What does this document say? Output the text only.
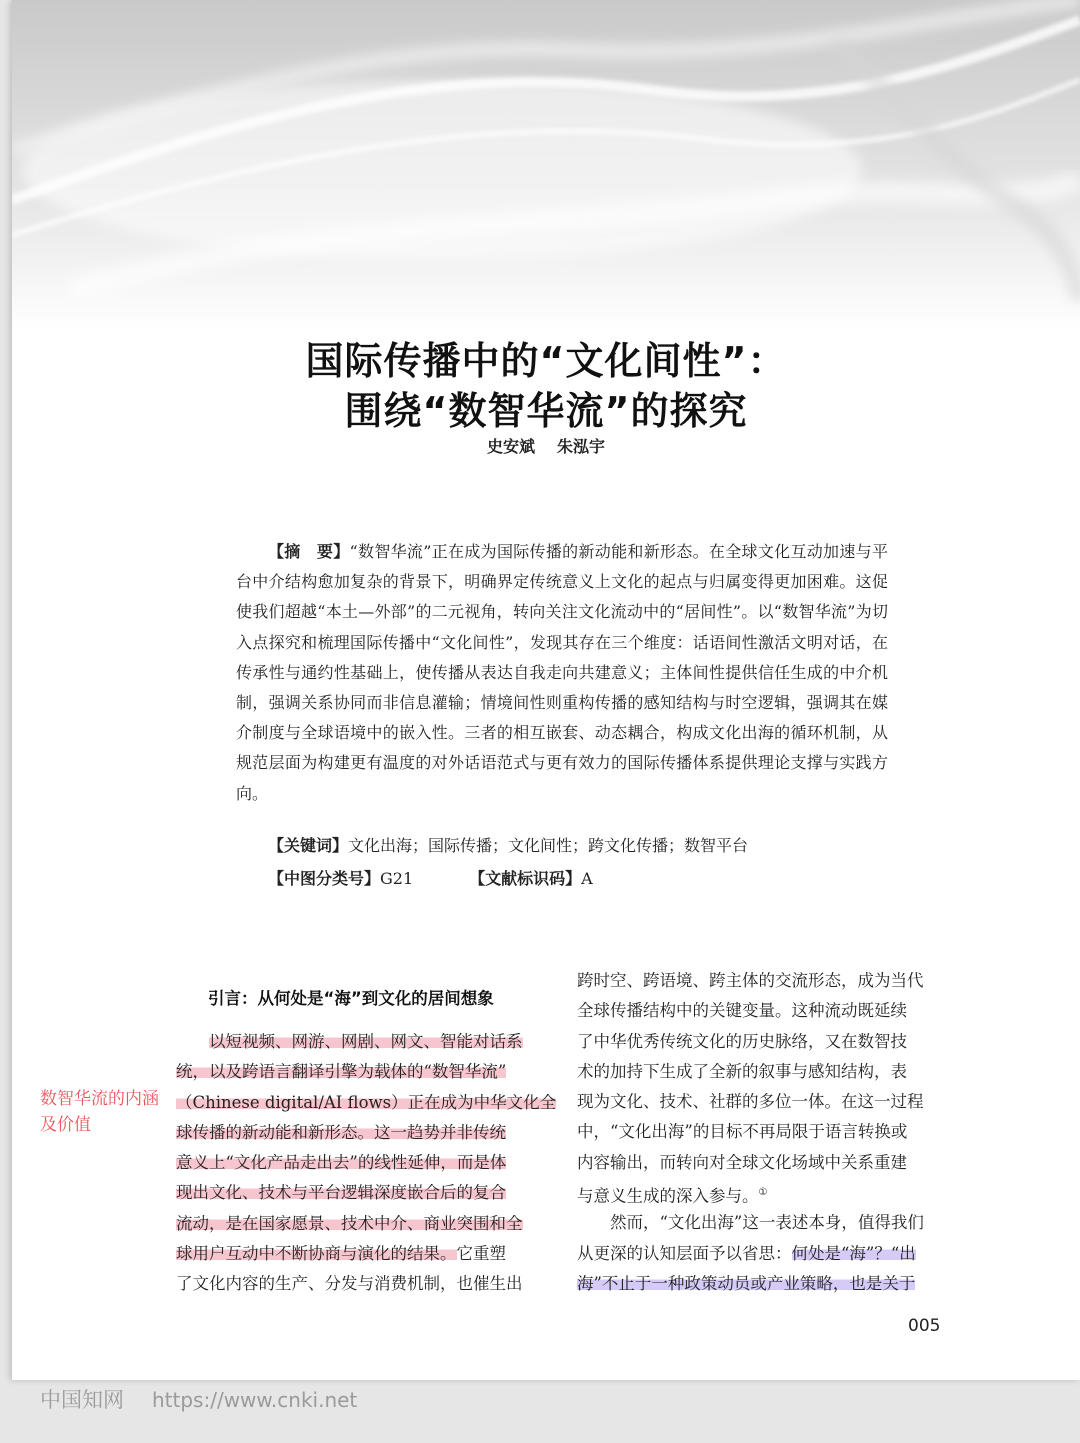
国际传播中的“文化间性”：
围绕“数智华流”的探究
史安斌 朱泓宇
【摘　要】“数智华流”正在成为国际传播的新动能和新形态。在全球文化互动加速与平台中介结构愈加复杂的背景下，明确界定传统意义上文化的起点与归属变得更加困难。这促使我们超越“本土—外部”的二元视角，转向关注文化流动中的“居间性”。以“数智华流”为切入点探究和梳理国际传播中“文化间性”，发现其存在三个维度：话语间性激活文明对话，在传承性与通约性基础上，使传播从表达自我走向共建意义；主体间性提供信任生成的中介机制，强调关系协同而非信息灌输；情境间性则重构传播的感知结构与时空逻辑，强调其在媒介制度与全球语境中的嵌入性。三者的相互嵌套、动态耦合，构成文化出海的循环机制，从规范层面为构建更有温度的对外话语范式与更有效力的国际传播体系提供理论支撑与实践方向。
【关键词】文化出海；国际传播；文化间性；跨文化传播；数智平台
【中图分类号】G21	【文献标识码】A
引言：从何处是“海”到文化的居间想象
以短视频、网游、网剧、网文、智能对话系
统，以及跨语言翻译引擎为载体的“数智华流”
（Chinese digital/AI flows）正在成为中华文化全
球传播的新动能和新形态。这一趋势并非传统
意义上“文化产品走出去”的线性延伸，而是体
现出文化、技术与平台逻辑深度嵌合后的复合
流动，是在国家愿景、技术中介、商业突围和全
球用户互动中不断协商与演化的结果。它重塑
了文化内容的生产、分发与消费机制，也催生出
跨时空、跨语境、跨主体的交流形态，成为当代
全球传播结构中的关键变量。这种流动既延续
了中华优秀传统文化的历史脉络，又在数智技
术的加持下生成了全新的叙事与感知结构，表
现为文化、技术、社群的多位一体。在这一过程
中，“文化出海”的目标不再局限于语言转换或
内容输出，而转向对全球文化场域中关系重建
与意义生成的深入参与。①
然而，“文化出海”这一表述本身，值得我们
从更深的认知层面予以省思：何处是“海”？“出
海”不止于一种政策动员或产业策略，也是关于
数智华流的内涵及价值
005
中国知网 https://www.cnki.net
